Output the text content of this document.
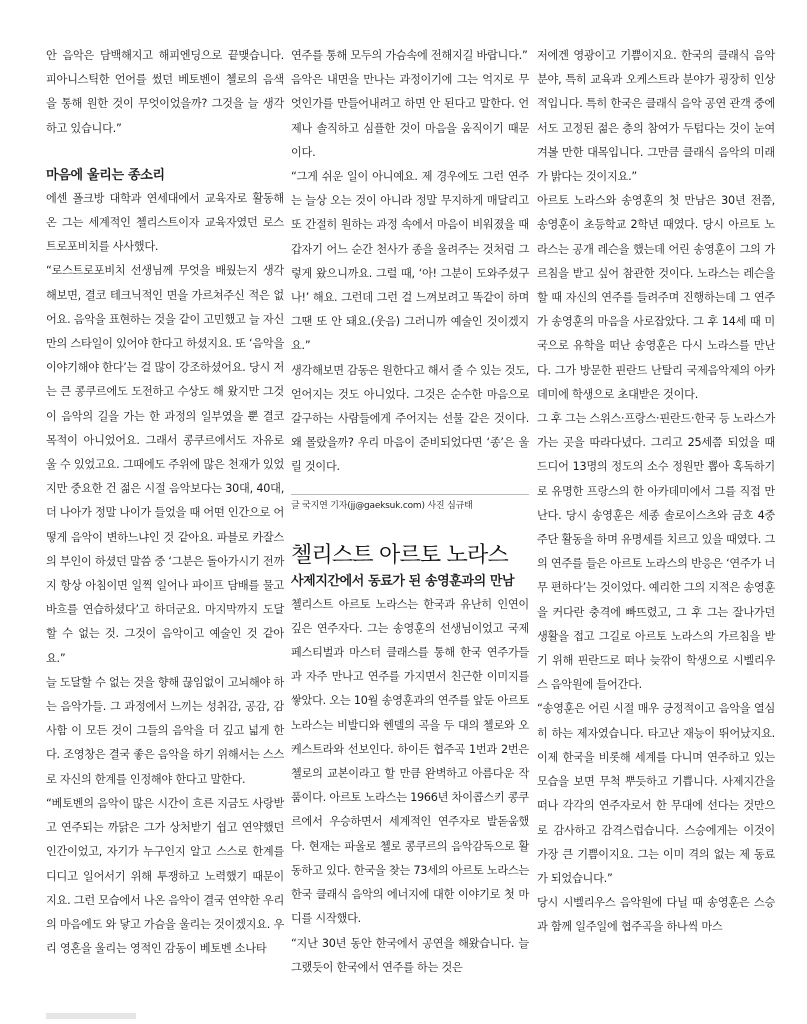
안 음악은 담백해지고 해피엔딩으로 끝맺습니다. 피아니스틱한 언어를 썼던 베토벤이 첼로의 음색을 통해 원한 것이 무엇이었을까? 그것을 늘 생각하고 있습니다.”

마음에 울리는 종소리

에센 폴크방 대학과 연세대에서 교육자로 활동해온 그는 세계적인 첼리스트이자 교육자였던 로스트로포비치를 사사했다.

“로스트로포비치 선생님께 무엇을 배웠는지 생각해보면, 결코 테크닉적인 면을 가르쳐주신 적은 없어요. 음악을 표현하는 것을 같이 고민했고 늘 자신 만의 스타일이 있어야 한다고 하셨지요. 또 ‘음악을 이야기해야 한다’는 걸 많이 강조하셨어요. 당시 저는 큰 콩쿠르에도 도전하고 수상도 해 왔지만 그것이 음악의 길을 가는 한 과정의 일부였을 뿐 결코 목적이 아니었어요. 그래서 콩쿠르에서도 자유로울 수 있었고요. 그때에도 주위에 많은 천재가 있었지만 중요한 건 젊은 시절 음악보다는 30대, 40대, 더 나아가 정말 나이가 들었을 때 어떤 인간으로 어떻게 음악이 변하느냐인 것 같아요. 파블로 카잘스의 부인이 하셨던 말씀 중 ‘그분은 돌아가시기 전까지 항상 아침이면 일찍 일어나 파이프 담배를 물고 바흐를 연습하셨다’고 하더군요. 마지막까지 도달할 수 없는 것. 그것이 음악이고 예술인 것 같아요.”

늘 도달할 수 없는 것을 향해 끊임없이 고뇌해야 하는 음악가들. 그 과정에서 느끼는 성취감, 공감, 감사함 이 모든 것이 그들의 음악을 더 깊고 넓게 한다. 조영창은 결국 좋은 음악을 하기 위해서는 스스로 자신의 한계를 인정해야 한다고 말한다.

“베토벤의 음악이 많은 시간이 흐른 지금도 사랑받고 연주되는 까닭은 그가 상처받기 쉽고 연약했던 인간이었고, 자기가 누구인지 알고 스스로 한계를 디디고 일어서기 위해 투쟁하고 노력했기 때문이지요. 그런 모습에서 나온 음악이 결국 연약한 우리의 마음에도 와 닿고 가슴을 울리는 것이겠지요. 우리 영혼을 울리는 영적인 감동이 베토벤 소나타

연주를 통해 모두의 가슴속에 전해지길 바랍니다.”

음악은 내면을 만나는 과정이기에 그는 억지로 무엇인가를 만들어내려고 하면 안 된다고 말한다. 언제나 솔직하고 심플한 것이 마음을 움직이기 때문이다.

“그게 쉬운 일이 아니예요. 제 경우에도 그런 연주는 늘상 오는 것이 아니라 정말 무지하게 매달리고 또 간절히 원하는 과정 속에서 마음이 비워졌을 때 갑자기 어느 순간 천사가 종을 울려주는 것처럼 그렇게 왔으니까요. 그럴 때, ‘아! 그분이 도와주셨구나!’ 해요. 그런데 그런 걸 느껴보려고 똑같이 하며 그땐 또 안 돼요.(웃음) 그러니까 예술인 것이겠지요.”

생각해보면 감동은 원한다고 해서 줄 수 있는 것도, 얻어지는 것도 아니었다. 그것은 순수한 마음으로 갈구하는 사람들에게 주어지는 선물 같은 것이다. 왜 몰랐을까? 우리 마음이 준비되었다면 ‘종’은 울릴 것이다.

글 국지연 기자(jj@gaeksuk.com) 사진 심규태
첼리스트 아르토 노라스
사제지간에서 동료가 된 송영훈과의 만남

첼리스트 아르토 노라스는 한국과 유난히 인연이 깊은 연주자다. 그는 송영훈의 선생님이었고 국제 페스티벌과 마스터 클래스를 통해 한국 연주가들과 자주 만나고 연주를 가지면서 친근한 이미지를 쌓았다. 오는 10월 송영훈과의 연주를 앞둔 아르토 노라스는 비발디와 헨델의 곡을 두 대의 첼로와 오케스트라와 선보인다. 하이든 협주곡 1번과 2번은 첼로의 교본이라고 할 만큼 완벽하고 아름다운 작품이다. 아르토 노라스는 1966년 차이콥스키 콩쿠르에서 우승하면서 세계적인 연주자로 발돋움했다. 현재는 파울로 첼로 콩쿠르의 음악감독으로 활동하고 있다. 한국을 찾는 73세의 아르토 노라스는 한국 클래식 음악의 에너지에 대한 이야기로 첫 마디를 시작했다.

“지난 30년 동안 한국에서 공연을 해왔습니다. 늘 그랬듯이 한국에서 연주를 하는 것은

저에겐 영광이고 기쁨이지요. 한국의 클래식 음악 분야, 특히 교육과 오케스트라 분야가 굉장히 인상적입니다. 특히 한국은 클래식 음악 공연 관객 중에서도 고정된 젊은 층의 참여가 두텁다는 것이 눈여겨볼 만한 대목입니다. 그만큼 클래식 음악의 미래가 밝다는 것이지요.”

아르토 노라스와 송영훈의 첫 만남은 30년 전쯤, 송영훈이 초등학교 2학년 때였다. 당시 아르토 노라스는 공개 레슨을 했는데 어린 송영훈이 그의 가르침을 받고 싶어 참관한 것이다. 노라스는 레슨을 할 때 자신의 연주를 들려주며 진행하는데 그 연주가 송영훈의 마음을 사로잡았다. 그 후 14세 때 미국으로 유학을 떠난 송영훈은 다시 노라스를 만난다. 그가 방문한 핀란드 난탈리 국제음악제의 아카데미에 학생으로 초대받은 것이다.

그 후 그는 스위스·프랑스·핀란드·한국 등 노라스가 가는 곳을 따라다녔다. 그리고 25세쯤 되었을 때 드디어 13명의 정도의 소수 정원만 뽑아 혹독하기로 유명한 프랑스의 한 아카데미에서 그를 직접 만난다. 당시 송영훈은 세종 솔로이스츠와 금호 4중주단 활동을 하며 유명세를 치르고 있을 때였다. 그의 연주를 들은 아르토 노라스의 반응은 ‘연주가 너무 편하다’는 것이었다. 예리한 그의 지적은 송영훈을 커다란 충격에 빠뜨렸고, 그 후 그는 잘나가던 생활을 접고 그길로 아르토 노라스의 가르침을 받기 위해 핀란드로 떠나 늦깎이 학생으로 시벨리우스 음악원에 들어간다.

“송영훈은 어린 시절 매우 긍정적이고 음악을 열심히 하는 제자였습니다. 타고난 재능이 뛰어났지요. 이제 한국을 비롯해 세계를 다니며 연주하고 있는 모습을 보면 무척 뿌듯하고 기쁩니다. 사제지간을 떠나 각각의 연주자로서 한 무대에 선다는 것만으로 감사하고 감격스럽습니다. 스승에게는 이것이 가장 큰 기쁨이지요. 그는 이미 격의 없는 제 동료가 되었습니다.”

당시 시벨리우스 음악원에 다닐 때 송영훈은 스승과 함께 일주일에 협주곡을 하나씩 마스
